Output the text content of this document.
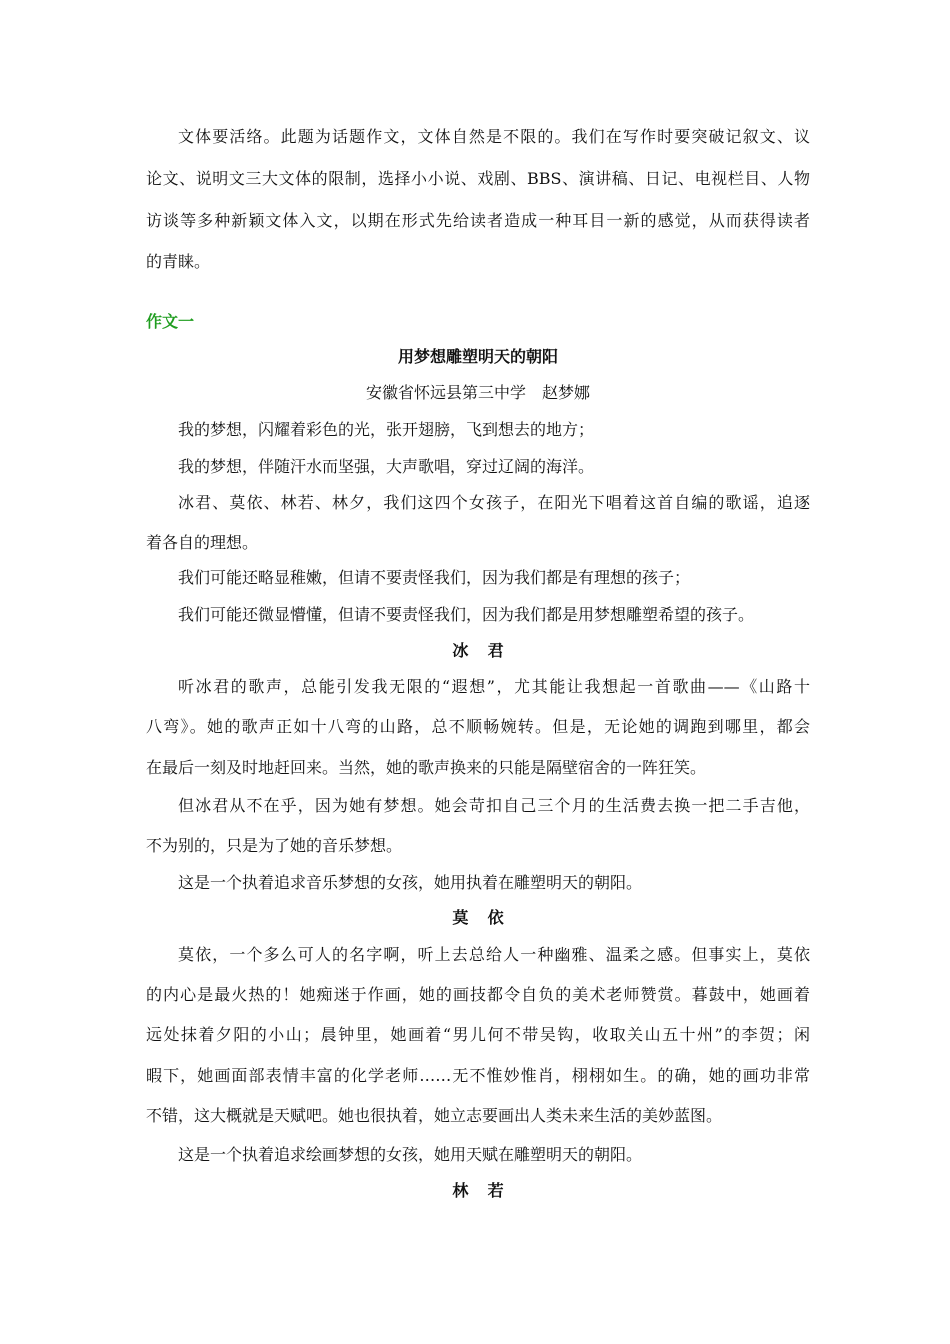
文体要活络。此题为话题作文，文体自然是不限的。我们在写作时要突破记叙文、议
论文、说明文三大文体的限制，选择小小说、戏剧、BBS、演讲稿、日记、电视栏目、人物
访谈等多种新颖文体入文，以期在形式先给读者造成一种耳目一新的感觉，从而获得读者
的青睐。
作文一
用梦想雕塑明天的朝阳
安徽省怀远县第三中学　赵梦娜
我的梦想，闪耀着彩色的光，张开翅膀，飞到想去的地方；
我的梦想，伴随汗水而坚强，大声歌唱，穿过辽阔的海洋。
冰君、莫依、林若、林夕，我们这四个女孩子，在阳光下唱着这首自编的歌谣，追逐
着各自的理想。
我们可能还略显稚嫩，但请不要责怪我们，因为我们都是有理想的孩子；
我们可能还微显懵懂，但请不要责怪我们，因为我们都是用梦想雕塑希望的孩子。
冰君
听冰君的歌声，总能引发我无限的“遐想”，尤其能让我想起一首歌曲——《山路十
八弯》。她的歌声正如十八弯的山路，总不顺畅婉转。但是，无论她的调跑到哪里，都会
在最后一刻及时地赶回来。当然，她的歌声换来的只能是隔壁宿舍的一阵狂笑。
但冰君从不在乎，因为她有梦想。她会苛扣自己三个月的生活费去换一把二手吉他，
不为别的，只是为了她的音乐梦想。
这是一个执着追求音乐梦想的女孩，她用执着在雕塑明天的朝阳。
莫依
莫依，一个多么可人的名字啊，听上去总给人一种幽雅、温柔之感。但事实上，莫依
的内心是最火热的！她痴迷于作画，她的画技都令自负的美术老师赞赏。暮鼓中，她画着
远处抹着夕阳的小山；晨钟里，她画着“男儿何不带吴钩，收取关山五十州”的李贺；闲
暇下，她画面部表情丰富的化学老师……无不惟妙惟肖，栩栩如生。的确，她的画功非常
不错，这大概就是天赋吧。她也很执着，她立志要画出人类未来生活的美妙蓝图。
这是一个执着追求绘画梦想的女孩，她用天赋在雕塑明天的朝阳。
林若
